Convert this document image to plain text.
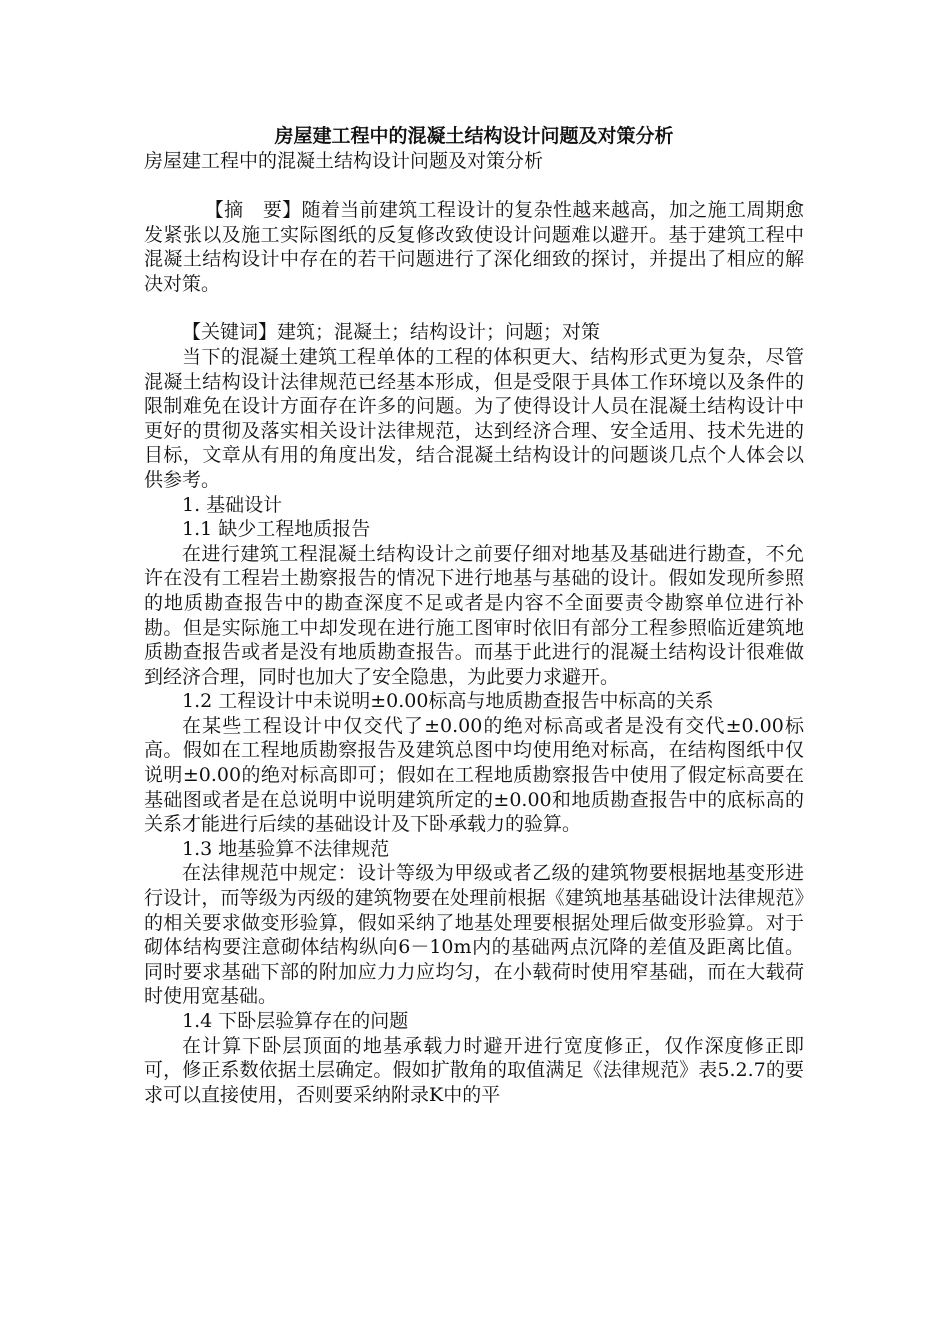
房屋建工程中的混凝土结构设计问题及对策分析

房屋建工程中的混凝土结构设计问题及对策分析

【摘　要】随着当前建筑工程设计的复杂性越来越高，加之施工周期愈发紧张以及施工实际图纸的反复修改致使设计问题难以避开。基于建筑工程中混凝土结构设计中存在的若干问题进行了深化细致的探讨，并提出了相应的解决对策。

【关键词】建筑；混凝土；结构设计；问题；对策

当下的混凝土建筑工程单体的工程的体积更大、结构形式更为复杂，尽管混凝土结构设计法律规范已经基本形成，但是受限于具体工作环境以及条件的限制难免在设计方面存在许多的问题。为了使得设计人员在混凝土结构设计中更好的贯彻及落实相关设计法律规范，达到经济合理、安全适用、技术先进的目标，文章从有用的角度出发，结合混凝土结构设计的问题谈几点个人体会以供参考。

1. 基础设计

1.1 缺少工程地质报告

在进行建筑工程混凝土结构设计之前要仔细对地基及基础进行勘查，不允许在没有工程岩土勘察报告的情况下进行地基与基础的设计。假如发现所参照的地质勘查报告中的勘查深度不足或者是内容不全面要责令勘察单位进行补勘。但是实际施工中却发现在进行施工图审时依旧有部分工程参照临近建筑地质勘查报告或者是没有地质勘查报告。而基于此进行的混凝土结构设计很难做到经济合理，同时也加大了安全隐患，为此要力求避开。

1.2 工程设计中未说明±0.00标高与地质勘查报告中标高的关系

在某些工程设计中仅交代了±0.00的绝对标高或者是没有交代±0.00标高。假如在工程地质勘察报告及建筑总图中均使用绝对标高，在结构图纸中仅说明±0.00的绝对标高即可；假如在工程地质勘察报告中使用了假定标高要在基础图或者是在总说明中说明建筑所定的±0.00和地质勘查报告中的底标高的关系才能进行后续的基础设计及下卧承载力的验算。

1.3 地基验算不法律规范

在法律规范中规定：设计等级为甲级或者乙级的建筑物要根据地基变形进行设计，而等级为丙级的建筑物要在处理前根据《建筑地基基础设计法律规范》的相关要求做变形验算，假如采纳了地基处理要根据处理后做变形验算。对于砌体结构要注意砌体结构纵向6－10m内的基础两点沉降的差值及距离比值。同时要求基础下部的附加应力力应均匀，在小载荷时使用窄基础，而在大载荷时使用宽基础。

1.4 下卧层验算存在的问题

在计算下卧层顶面的地基承载力时避开进行宽度修正，仅作深度修正即可，修正系数依据土层确定。假如扩散角的取值满足《法律规范》表5.2.7的要求可以直接使用，否则要采纳附录K中的平
